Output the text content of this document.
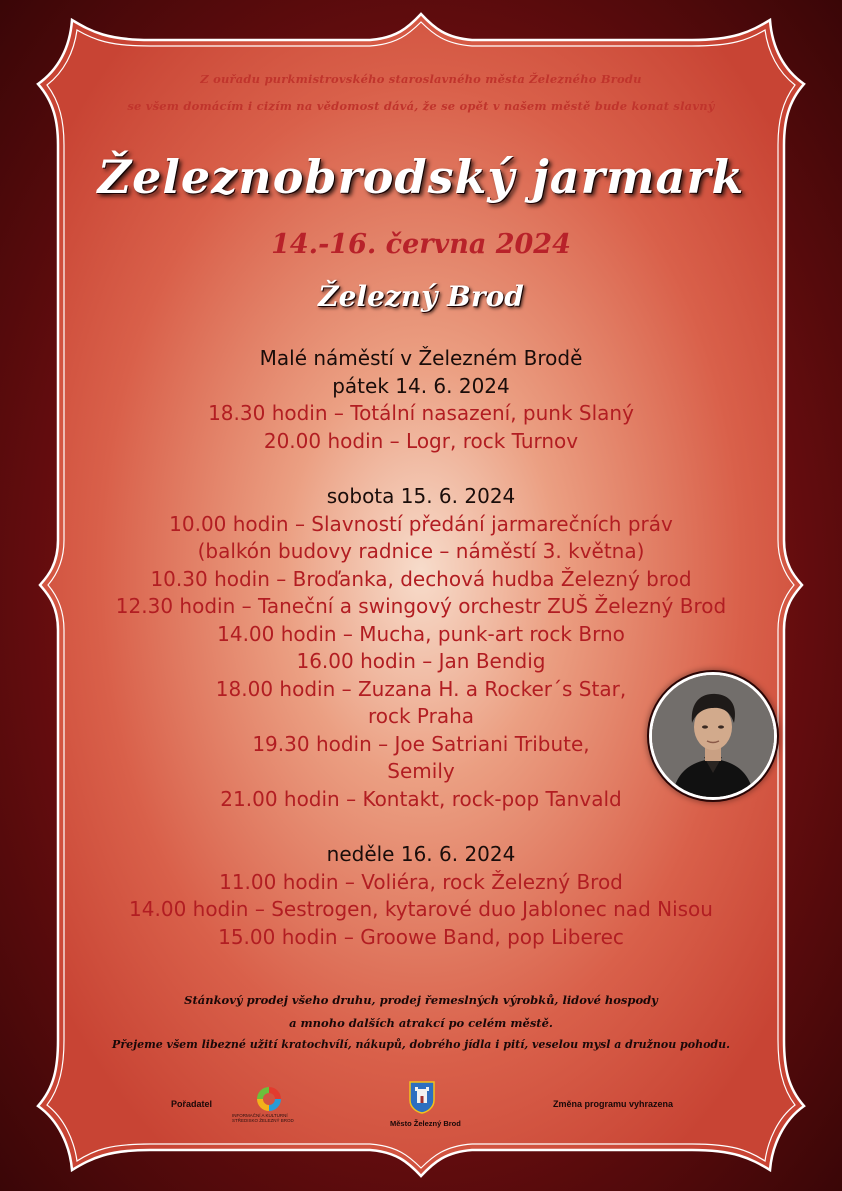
Z ouřadu purkmistrovského staroslavného města Železného Brodu
se všem domácím i cizím na vědomost dává, že se opět v našem městě bude konat slavný
Železnobrodský jarmark
14.-16. června 2024
Železný Brod
Malé náměstí v Železném Brodě
pátek 14. 6. 2024
18.30 hodin – Totální nasazení, punk Slaný
20.00 hodin – Logr, rock Turnov
sobota 15. 6. 2024
10.00 hodin – Slavností předání jarmarečních práv
(balkón budovy radnice – náměstí 3. května)
10.30 hodin – Broďanka, dechová hudba Železný brod
12.30 hodin – Taneční a swingový orchestr ZUŠ Železný Brod
14.00 hodin – Mucha, punk-art rock Brno
16.00 hodin – Jan Bendig
18.00 hodin – Zuzana H. a Rocker´s Star,
rock Praha
19.30 hodin – Joe Satriani Tribute,
Semily
21.00 hodin – Kontakt, rock-pop Tanvald
neděle 16. 6. 2024
11.00 hodin – Voliéra, rock Železný Brod
14.00 hodin – Sestrogen, kytarové duo Jablonec nad Nisou
15.00 hodin – Groowe Band, pop Liberec
Stánkový prodej všeho druhu, prodej řemeslných výrobků, lidové hospody
a mnoho dalších atrakcí po celém městě.
Přejeme všem libezné užití kratochvílí, nákupů, dobrého jídla i pití, veselou mysl a družnou pohodu.
Pořadatel
INFORMAČNÍ A KULTURNÍ
STŘEDISKO ŽELEZNÝ BROD	Město Železný Brod
Změna programu vyhrazena
